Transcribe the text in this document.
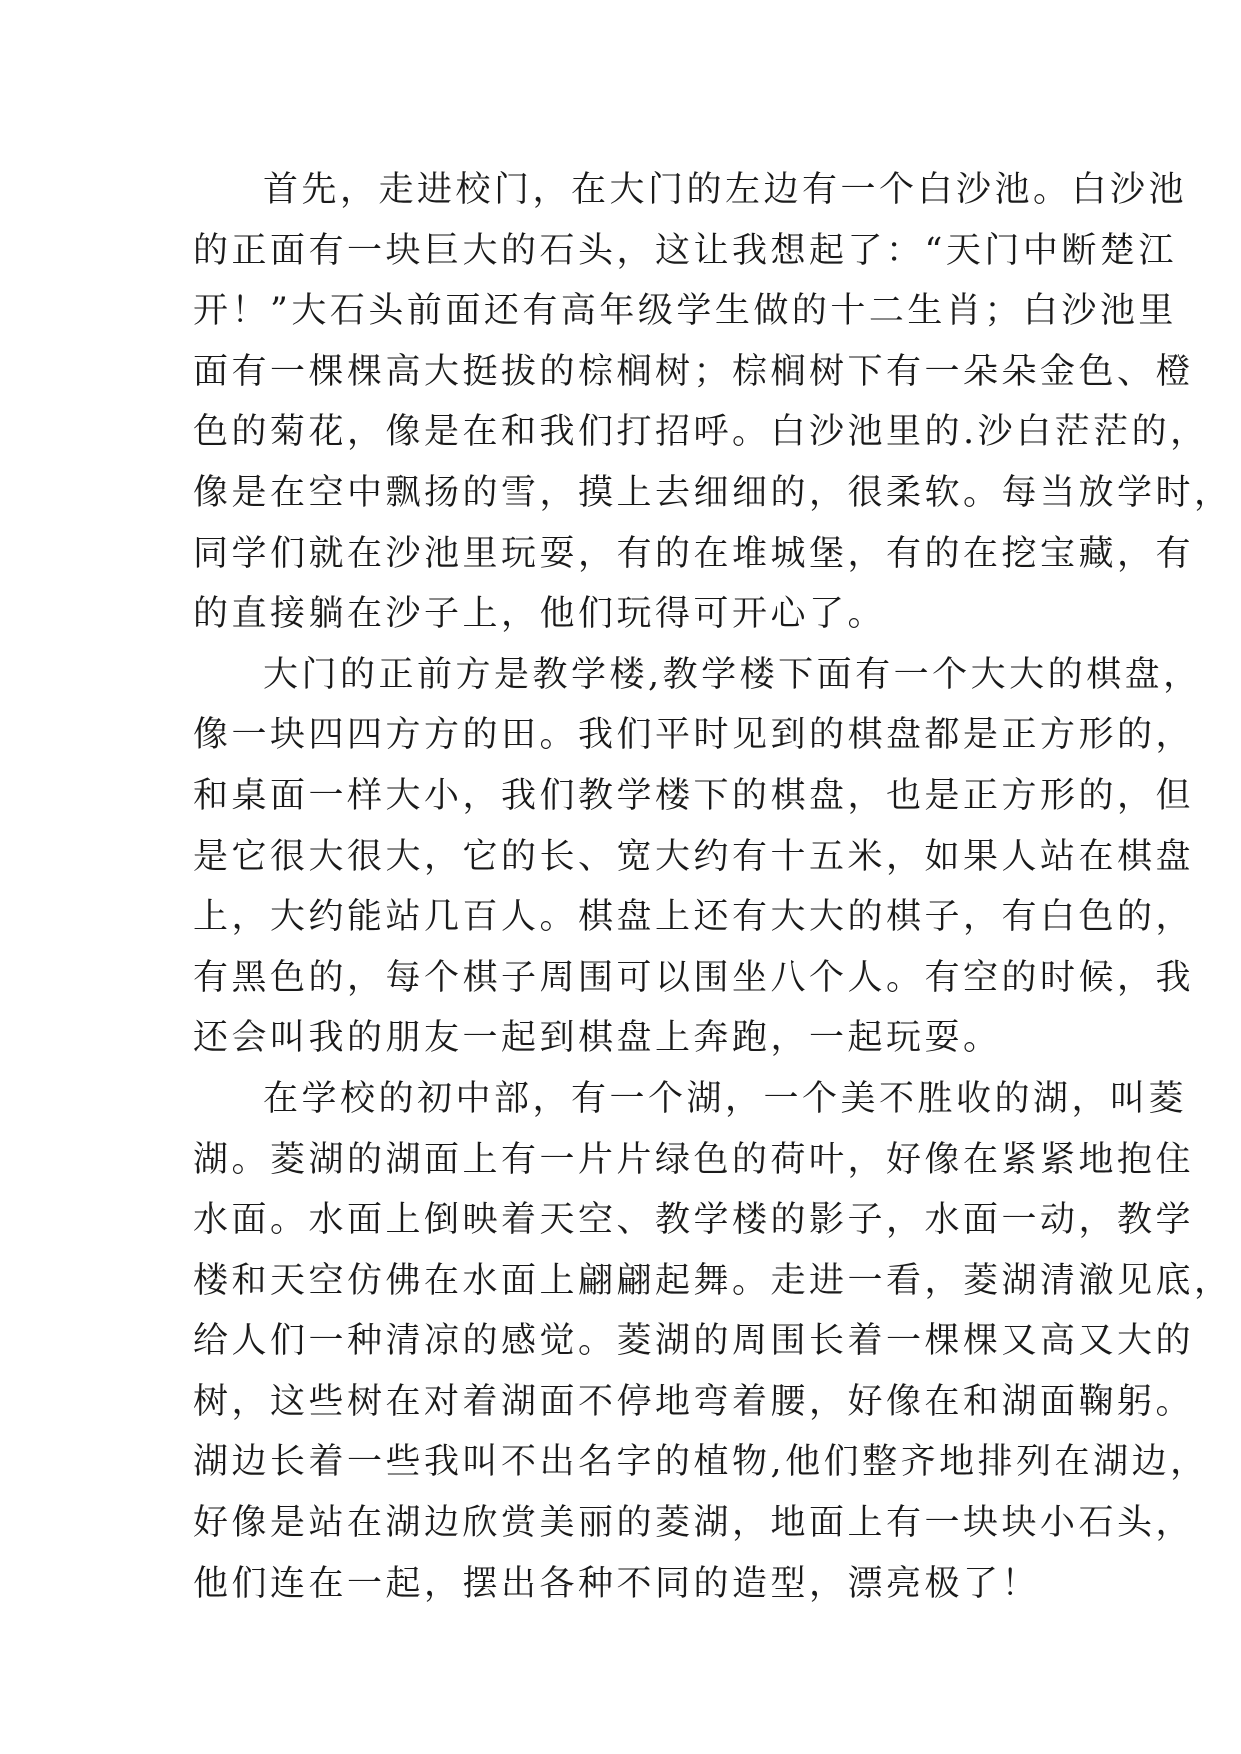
首先，走进校门，在大门的左边有一个白沙池。白沙池
的正面有一块巨大的石头，这让我想起了：“天门中断楚江
开！”大石头前面还有高年级学生做的十二生肖；白沙池里
面有一棵棵高大挺拔的棕榈树；棕榈树下有一朵朵金色、橙
色的菊花，像是在和我们打招呼。白沙池里的.沙白茫茫的，
像是在空中飘扬的雪，摸上去细细的，很柔软。每当放学时，
同学们就在沙池里玩耍，有的在堆城堡，有的在挖宝藏，有
的直接躺在沙子上，他们玩得可开心了。
大门的正前方是教学楼,教学楼下面有一个大大的棋盘，
像一块四四方方的田。我们平时见到的棋盘都是正方形的，
和桌面一样大小，我们教学楼下的棋盘，也是正方形的，但
是它很大很大，它的长、宽大约有十五米，如果人站在棋盘
上，大约能站几百人。棋盘上还有大大的棋子，有白色的，
有黑色的，每个棋子周围可以围坐八个人。有空的时候，我
还会叫我的朋友一起到棋盘上奔跑，一起玩耍。
在学校的初中部，有一个湖，一个美不胜收的湖，叫菱
湖。菱湖的湖面上有一片片绿色的荷叶，好像在紧紧地抱住
水面。水面上倒映着天空、教学楼的影子，水面一动，教学
楼和天空仿佛在水面上翩翩起舞。走进一看，菱湖清澈见底，
给人们一种清凉的感觉。菱湖的周围长着一棵棵又高又大的
树，这些树在对着湖面不停地弯着腰，好像在和湖面鞠躬。
湖边长着一些我叫不出名字的植物,他们整齐地排列在湖边，
好像是站在湖边欣赏美丽的菱湖，地面上有一块块小石头，
他们连在一起，摆出各种不同的造型，漂亮极了！
